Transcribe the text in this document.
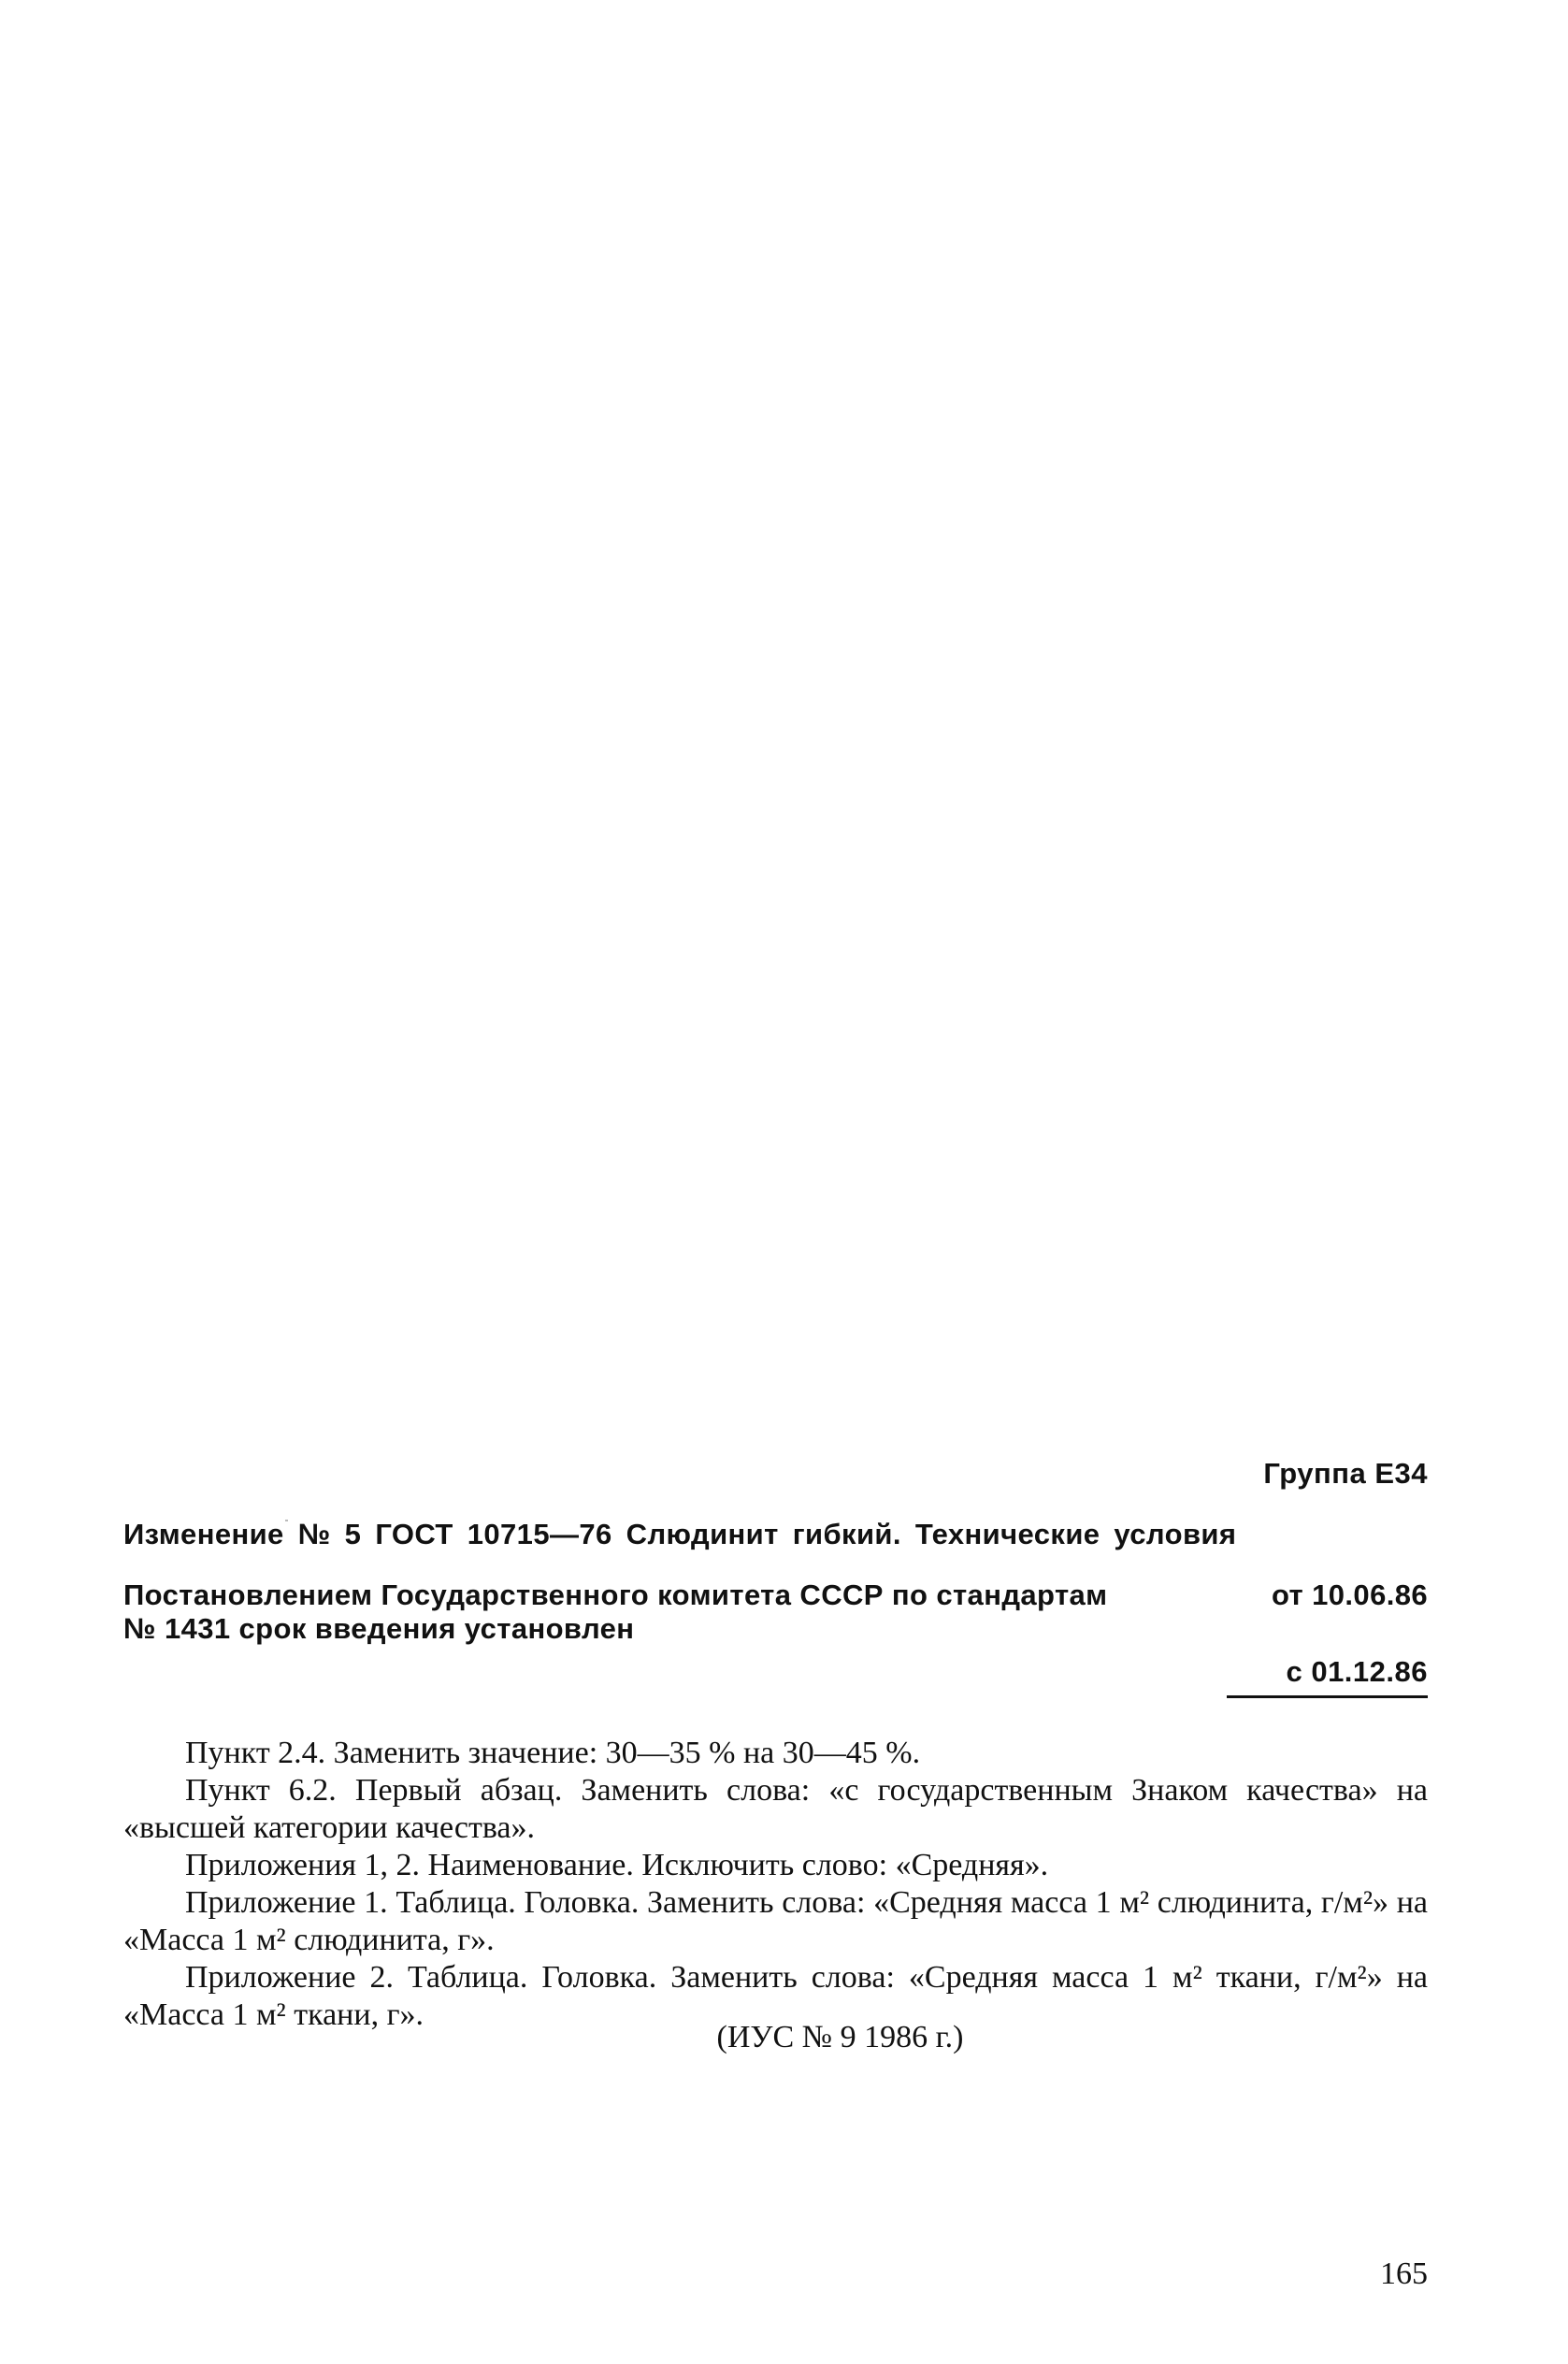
Группа Е34
Изменение № 5 ГОСТ 10715—76 Слюдинит гибкий. Технические условия
Постановлением Государственного комитета СССР по стандартам	от 10.06.86
№ 1431 срок введения установлен
с 01.12.86

Пункт 2.4. Заменить значение: 30—35 % на 30—45 %.

Пункт 6.2. Первый абзац. Заменить слова: «с государственным Знаком качества» на «высшей категории качества».

Приложения 1, 2. Наименование. Исключить слово: «Средняя».

Приложение 1. Таблица. Головка. Заменить слова: «Средняя масса 1 м² слюдинита, г/м²» на «Масса 1 м² слюдинита, г».

Приложение 2. Таблица. Головка. Заменить слова: «Средняя масса 1 м² ткани, г/м²» на «Масса 1 м² ткани, г».

(ИУС № 9 1986 г.)
165
